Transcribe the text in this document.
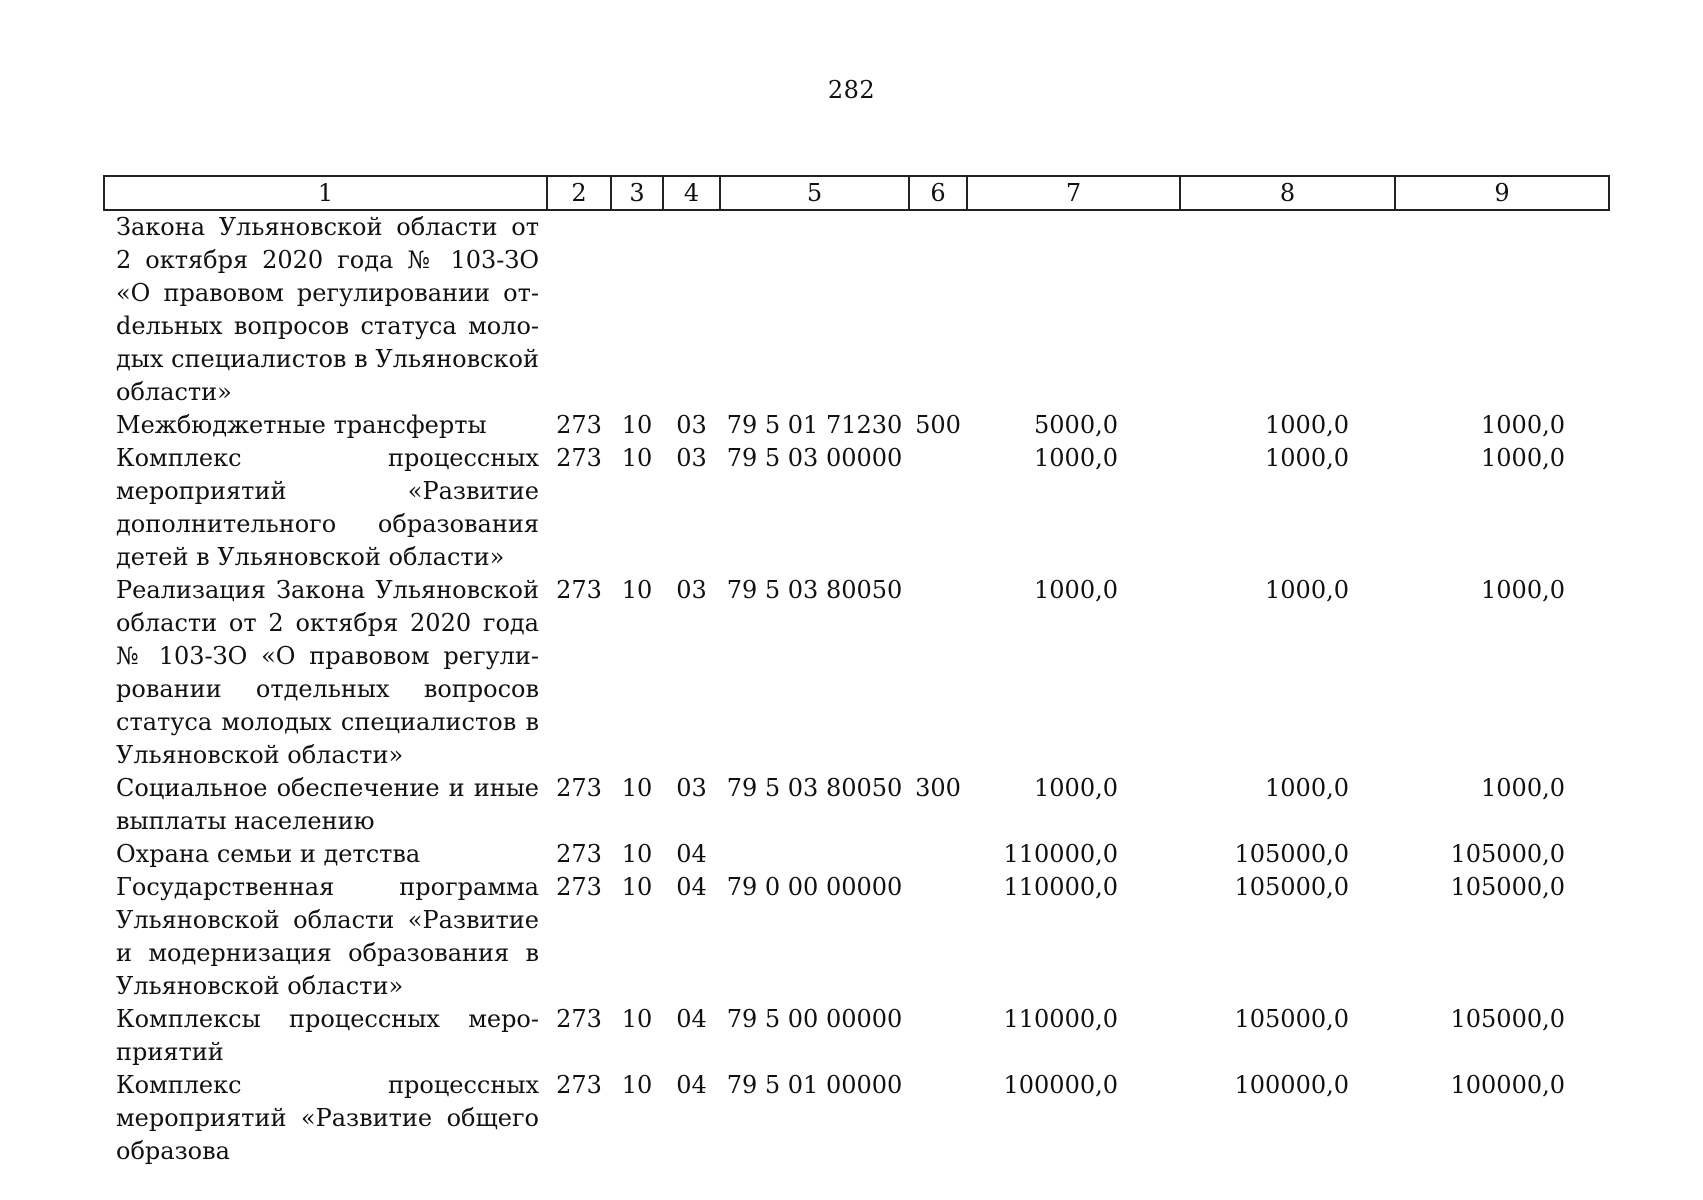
282
1	2	3	4	5	6	7	8	9
Закона Ульяновской области от 2 октября 2020 года № 103-ЗО «О правовом регулировании отdельных вопросов статуса молодых специалистов в Ульяновской области»								
Межбюджетные трансферты	273	10	03	79 5 01 71230	500	5000,0	1000,0	1000,0
Комплекс процессных мероприятий «Развитие дополнительного образования детей в Ульяновской области»	273	10	03	79 5 03 00000		1000,0	1000,0	1000,0
Реализация Закона Ульяновской области от 2 октября 2020 года № 103-ЗО «О правовом регулировании отдельных вопросов статуса молодых специалистов в Ульяновской области»	273	10	03	79 5 03 80050		1000,0	1000,0	1000,0
Социальное обеспечение и иные выплаты населению	273	10	03	79 5 03 80050	300	1000,0	1000,0	1000,0
Охрана семьи и детства	273	10	04			110000,0	105000,0	105000,0
Государственная программа Ульяновской области «Развитие и модернизация образования в Ульяновской области»	273	10	04	79 0 00 00000		110000,0	105000,0	105000,0
Комплексы процессных мероприятий	273	10	04	79 5 00 00000		110000,0	105000,0	105000,0
Комплекс процессных мероприятий «Развитие общего образова	273	10	04	79 5 01 00000		100000,0	100000,0	100000,0
